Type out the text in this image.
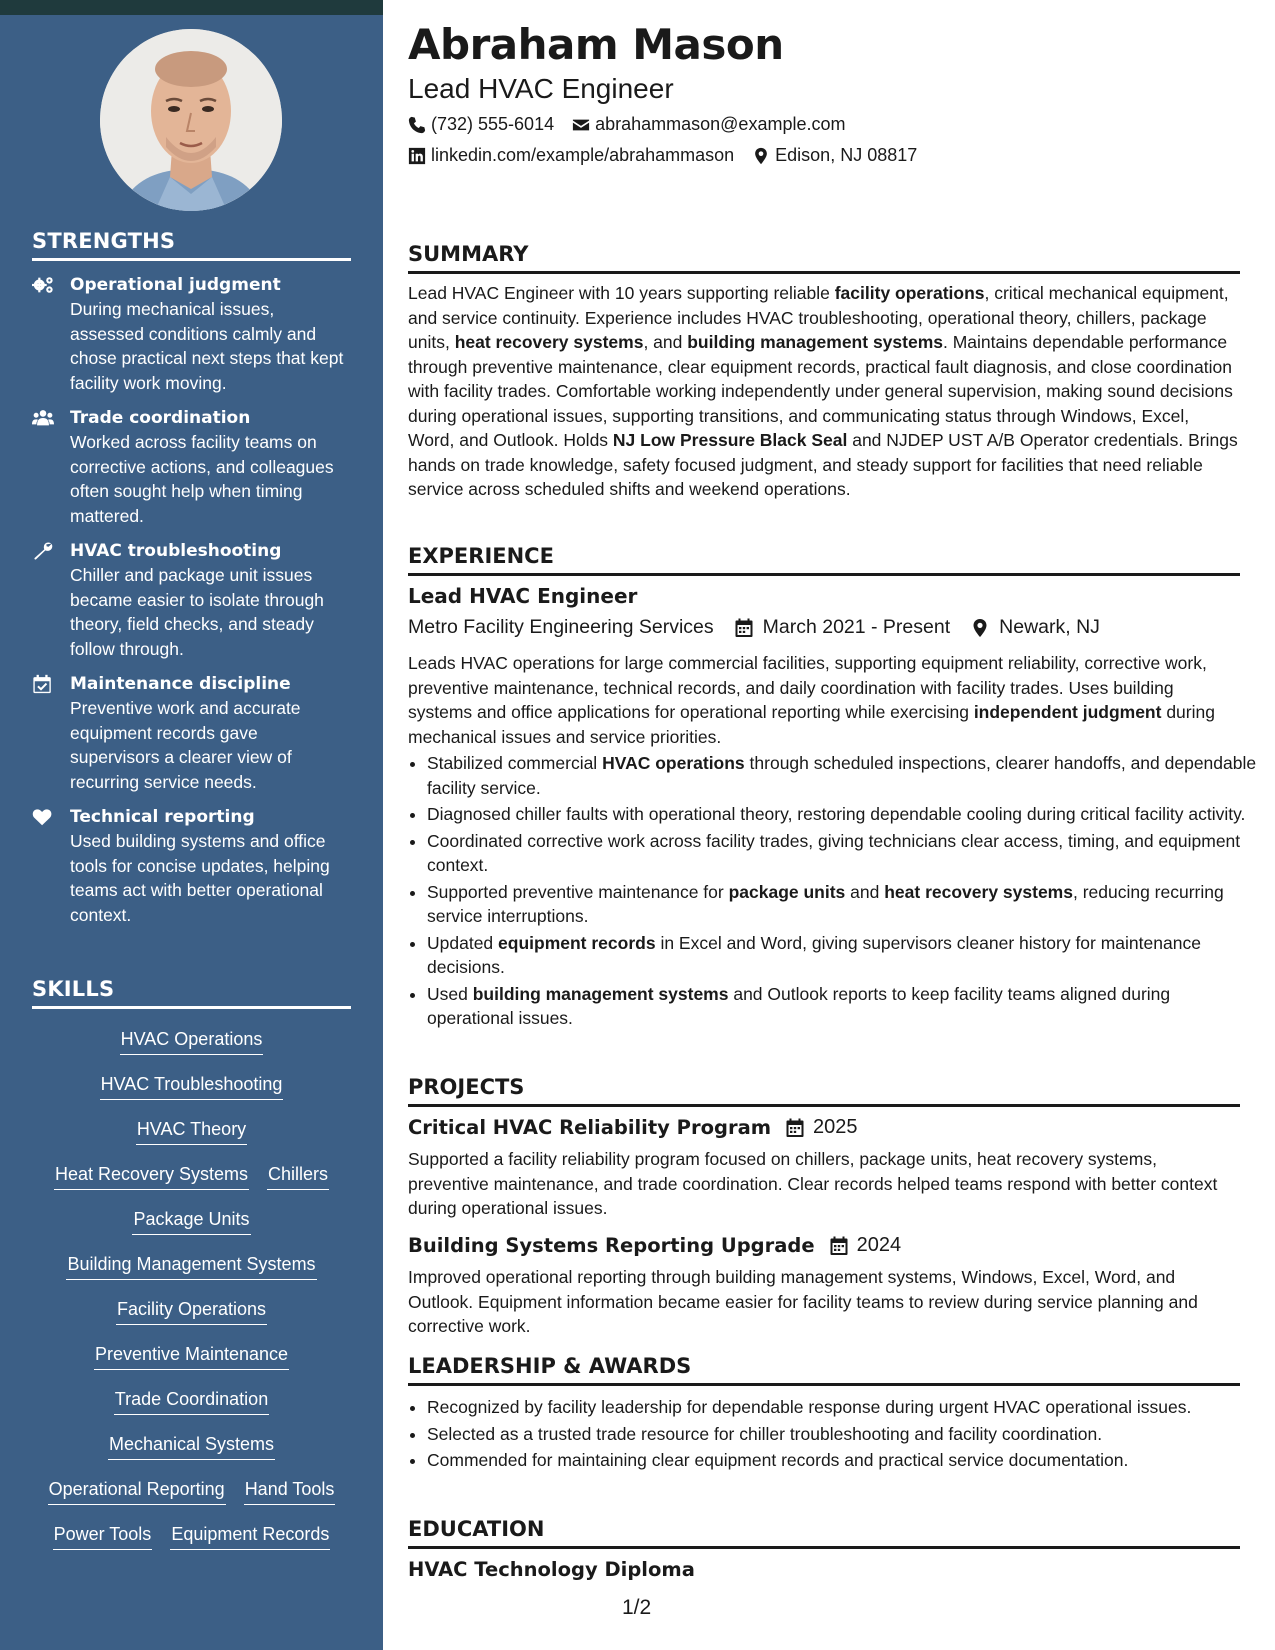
STRENGTHS
Operational judgment
During mechanical issues, assessed conditions calmly and chose practical next steps that kept facility work moving.
Trade coordination
Worked across facility teams on corrective actions, and colleagues often sought help when timing mattered.
HVAC troubleshooting
Chiller and package unit issues became easier to isolate through theory, field checks, and steady follow through.
Maintenance discipline
Preventive work and accurate equipment records gave supervisors a clearer view of recurring service needs.
Technical reporting
Used building systems and office tools for concise updates, helping teams act with better operational context.
SKILLS
HVAC Operations
HVAC Troubleshooting
HVAC Theory
Heat Recovery Systems Chillers
Package Units
Building Management Systems
Facility Operations
Preventive Maintenance
Trade Coordination
Mechanical Systems
Operational Reporting Hand Tools
Power Tools Equipment Records
Abraham Mason
Lead HVAC Engineer
(732) 555-6014 abrahammason@example.com
linkedin.com/example/abrahammason Edison, NJ 08817
SUMMARY

Lead HVAC Engineer with 10 years supporting reliable facility operations, critical mechanical equipment, and service continuity. Experience includes HVAC troubleshooting, operational theory, chillers, package units, heat recovery systems, and building management systems. Maintains dependable performance through preventive maintenance, clear equipment records, practical fault diagnosis, and close coordination with facility trades. Comfortable working independently under general supervision, making sound decisions during operational issues, supporting transitions, and communicating status through Windows, Excel, Word, and Outlook. Holds NJ Low Pressure Black Seal and NJDEP UST A/B Operator credentials. Brings hands on trade knowledge, safety focused judgment, and steady support for facilities that need reliable service across scheduled shifts and weekend operations.

EXPERIENCE
Lead HVAC Engineer
Metro Facility Engineering Services	March 2021 - Present	Newark, NJ

Leads HVAC operations for large commercial facilities, supporting equipment reliability, corrective work, preventive maintenance, technical records, and daily coordination with facility trades. Uses building systems and office applications for operational reporting while exercising independent judgment during mechanical issues and service priorities.

• Stabilized commercial HVAC operations through scheduled inspections, clearer handoffs, and dependable facility service.
• Diagnosed chiller faults with operational theory, restoring dependable cooling during critical facility activity.
• Coordinated corrective work across facility trades, giving technicians clear access, timing, and equipment context.
• Supported preventive maintenance for package units and heat recovery systems, reducing recurring service interruptions.
• Updated equipment records in Excel and Word, giving supervisors cleaner history for maintenance decisions.
• Used building management systems and Outlook reports to keep facility teams aligned during operational issues.
PROJECTS
Critical HVAC Reliability Program 2025

Supported a facility reliability program focused on chillers, package units, heat recovery systems, preventive maintenance, and trade coordination. Clear records helped teams respond with better context during operational issues.

Building Systems Reporting Upgrade 2024

Improved operational reporting through building management systems, Windows, Excel, Word, and Outlook. Equipment information became easier for facility teams to review during service planning and corrective work.

LEADERSHIP & AWARDS
• Recognized by facility leadership for dependable response during urgent HVAC operational issues.
• Selected as a trusted trade resource for chiller troubleshooting and facility coordination.
• Commended for maintaining clear equipment records and practical service documentation.
EDUCATION
HVAC Technology Diploma
1/2
